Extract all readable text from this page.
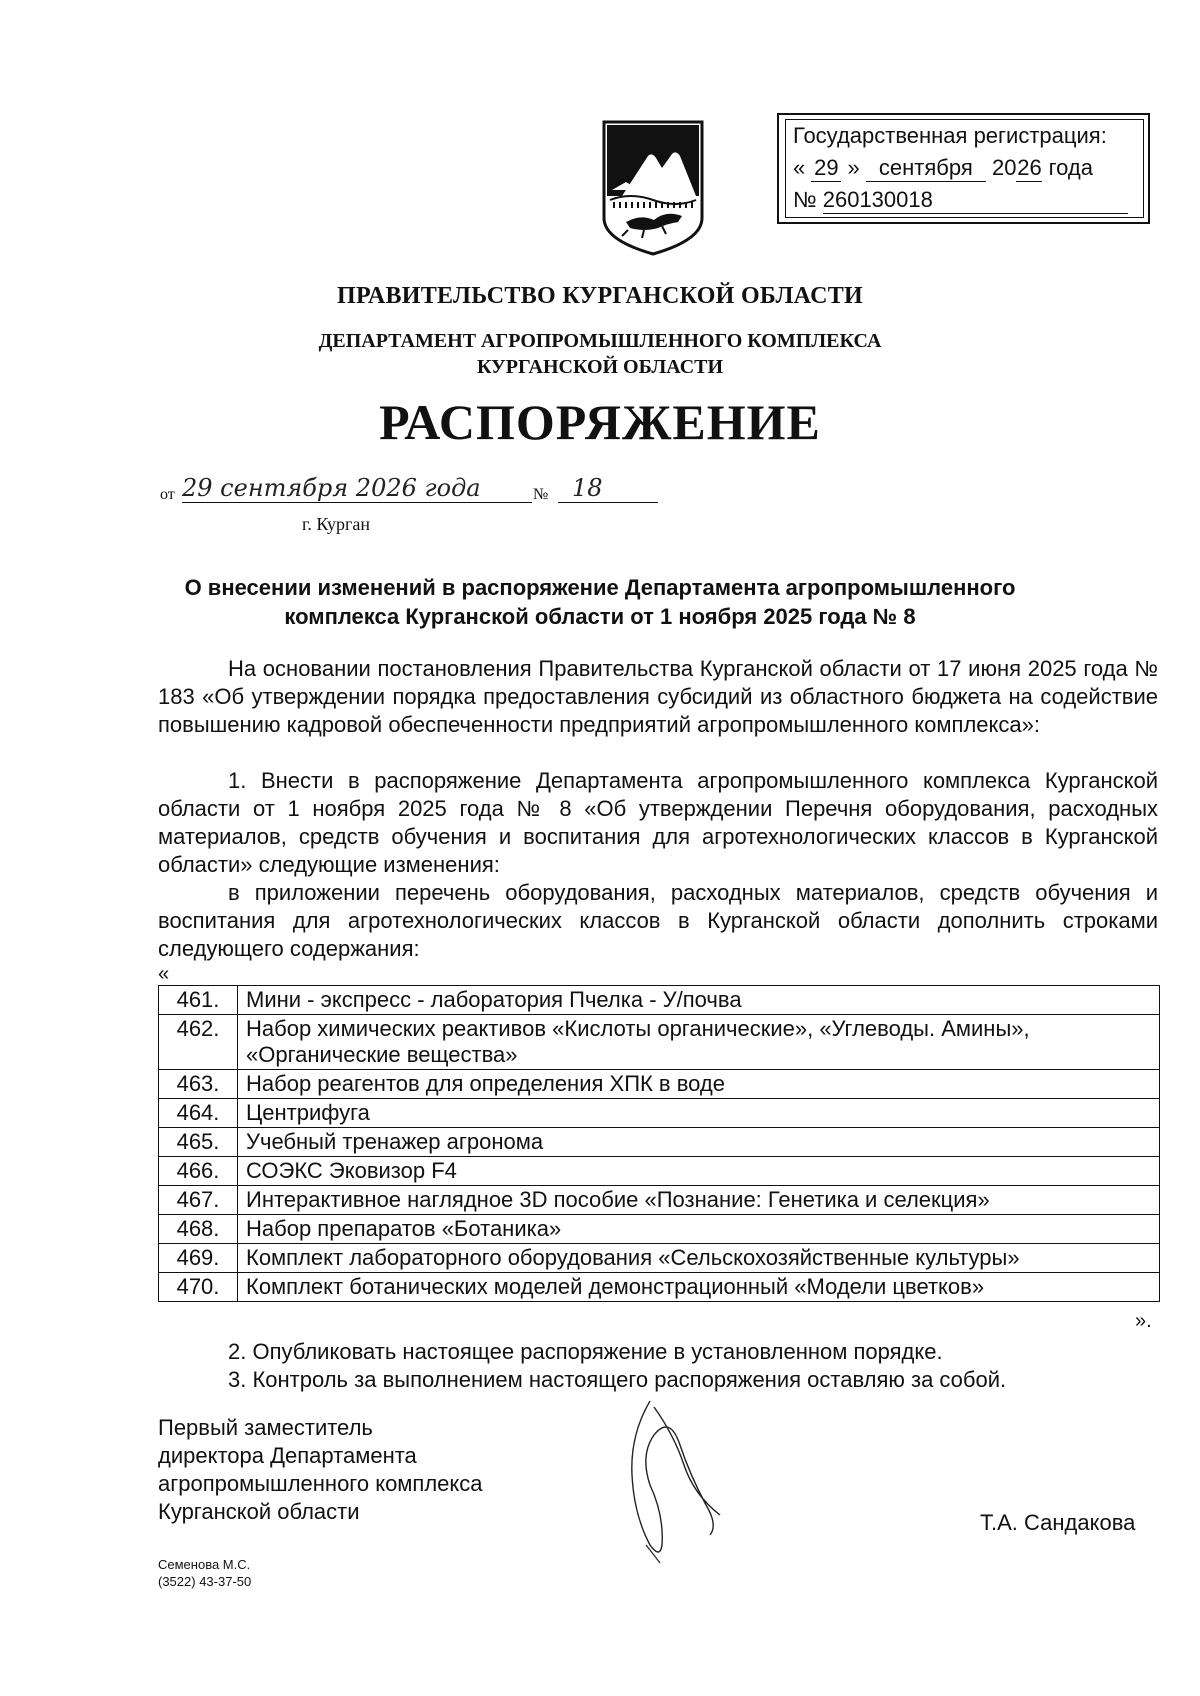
Государственная регистрация:
« 29 » сентября 2026 года
№ 260130018
ПРАВИТЕЛЬСТВО КУРГАНСКОЙ ОБЛАСТИ
ДЕПАРТАМЕНТ АГРОПРОМЫШЛЕННОГО КОМПЛЕКСА
КУРГАНСКОЙ ОБЛАСТИ
РАСПОРЯЖЕНИЕ
от 29 сентября 2026 года	№ 18
г. Курган
О внесении изменений в распоряжение Департамента агропромышленного
комплекса Курганской области от 1 ноября 2025 года № 8
На основании постановления Правительства Курганской области от 17 июня 2025 года № 183 «Об утверждении порядка предоставления субсидий из областного бюджета на содействие повышению кадровой обеспеченности предприятий агропромышленного комплекса»:
1. Внести в распоряжение Департамента агропромышленного комплекса Курганской области от 1 ноября 2025 года № 8 «Об утверждении Перечня оборудования, расходных материалов, средств обучения и воспитания для агротехнологических классов в Курганской области» следующие изменения:
в приложении перечень оборудования, расходных материалов, средств обучения и воспитания для агротехнологических классов в Курганской области дополнить строками следующего содержания:
«
461.	Мини - экспресс - лаборатория Пчелка - У/почва
462.	Набор химических реактивов «Кислоты органические», «Углеводы. Амины», «Органические вещества»
463.	Набор реагентов для определения ХПК в воде
464.	Центрифуга
465.	Учебный тренажер агронома
466.	СОЭКС Эковизор F4
467.	Интерактивное наглядное 3D пособие «Познание: Генетика и селекция»
468.	Набор препаратов «Ботаника»
469.	Комплект лабораторного оборудования «Сельскохозяйственные культуры»
470.	Комплект ботанических моделей демонстрационный «Модели цветков»
».
2. Опубликовать настоящее распоряжение в установленном порядке.
3. Контроль за выполнением настоящего распоряжения оставляю за собой.
Первый заместитель
директора Департамента
агропромышленного комплекса
Курганской области	Т.А. Сандакова
Семенова М.С.
(3522) 43-37-50
